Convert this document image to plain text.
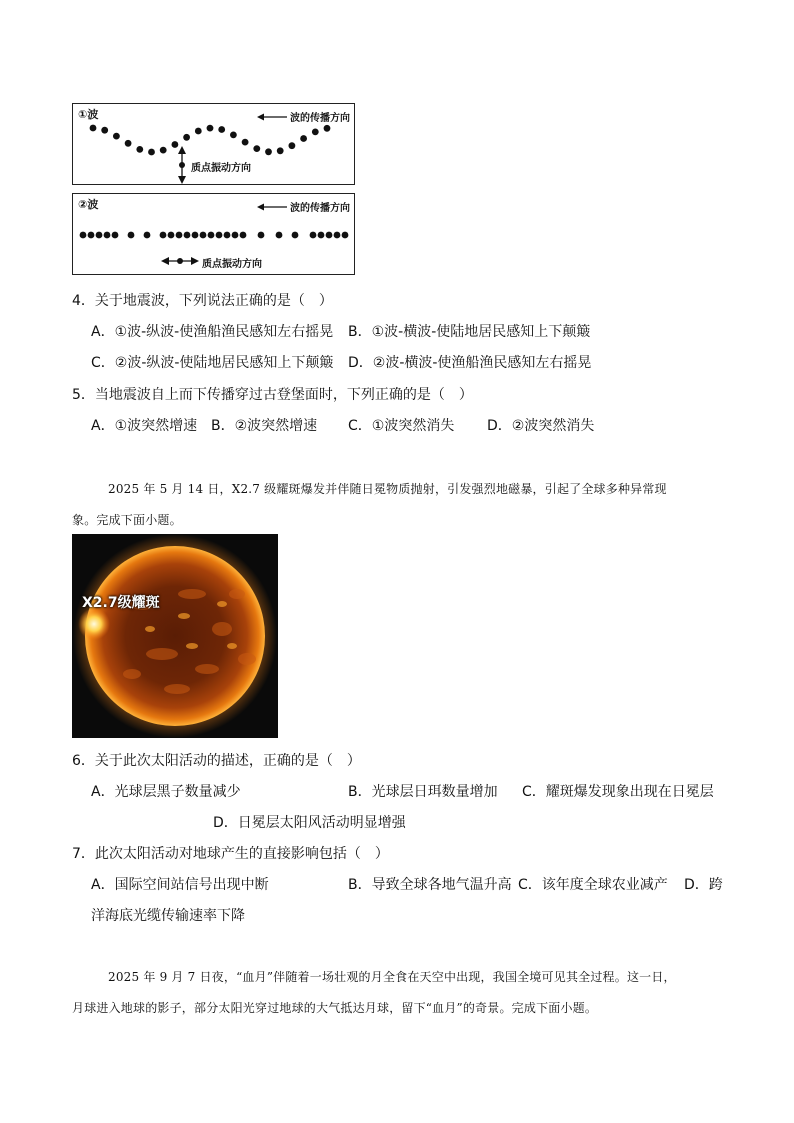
①波	波的传播方向
质点振动方向
②波	波的传播方向
质点振动方向
4．关于地震波，下列说法正确的是（　）
A．①波-纵波-使渔船渔民感知左右摇晃 B．①波-横波-使陆地居民感知上下颠簸
C．②波-纵波-使陆地居民感知上下颠簸 D．②波-横波-使渔船渔民感知左右摇晃
5．当地震波自上而下传播穿过古登堡面时，下列正确的是（　）
A．①波突然增速 B．②波突然增速 C．①波突然消失 D．②波突然消失
2025 年 5 月 14 日，X2.7 级耀斑爆发并伴随日冕物质抛射，引发强烈地磁暴，引起了全球多种异常现
象。完成下面小题。
X2.7级耀斑
6．关于此次太阳活动的描述，正确的是（　）
A．光球层黑子数量减少	B．光球层日珥数量增加 C．耀斑爆发现象出现在日冕层
D．日冕层太阳风活动明显增强
7．此次太阳活动对地球产生的直接影响包括（　）
A．国际空间站信号出现中断	B．导致全球各地气温升高 C．该年度全球农业减产 D．跨
洋海底光缆传输速率下降
2025 年 9 月 7 日夜，“血月”伴随着一场壮观的月全食在天空中出现，我国全境可见其全过程。这一日，
月球进入地球的影子，部分太阳光穿过地球的大气抵达月球，留下“血月”的奇景。完成下面小题。
